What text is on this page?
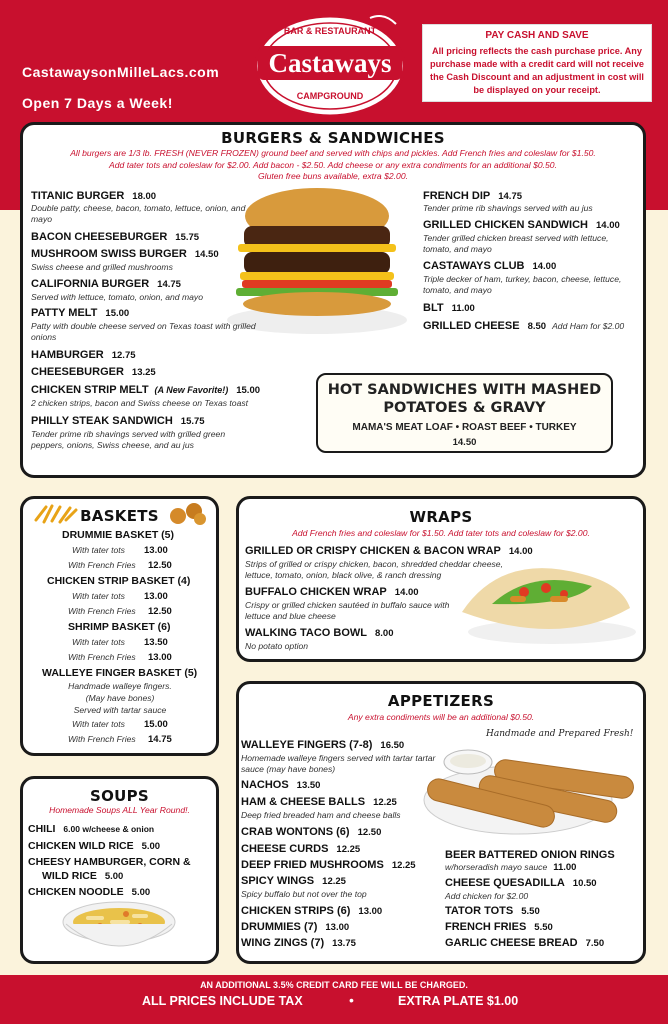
CastawaysonMilleLacs.com
Open 7 Days a Week!
BAR & RESTAURANT
Castaways
CAMPGROUND
PAY CASH AND SAVE
All pricing reflects the cash purchase price. Any purchase made with a credit card will not receive the Cash Discount and an adjustment in cost will be displayed on your receipt.
BURGERS & SANDWICHES
All burgers are 1/3 lb. FRESH (NEVER FROZEN) ground beef and served with chips and pickles. Add French fries and coleslaw for $1.50.
Add tater tots and coleslaw for $2.00. Add bacon - $2.50. Add cheese or any extra condiments for an additional $0.50.
Gluten free buns available, extra $2.00.
TITANIC BURGER 18.00
Double patty, cheese, bacon, tomato, lettuce, onion, and mayo
BACON CHEESEBURGER 15.75
MUSHROOM SWISS BURGER 14.50
Swiss cheese and grilled mushrooms
CALIFORNIA BURGER 14.75
Served with lettuce, tomato, onion, and mayo
PATTY MELT 15.00
Patty with double cheese served on Texas toast with grilled onions
HAMBURGER 12.75
CHEESEBURGER 13.25
CHICKEN STRIP MELT (A New Favorite!) 15.00
2 chicken strips, bacon and Swiss cheese on Texas toast
PHILLY STEAK SANDWICH 15.75
Tender prime rib shavings served with grilled green peppers, onions, Swiss cheese, and au jus
FRENCH DIP 14.75
Tender prime rib shavings served with au jus
GRILLED CHICKEN SANDWICH 14.00
Tender grilled chicken breast served with lettuce, tomato, and mayo
CASTAWAYS CLUB 14.00
Triple decker of ham, turkey, bacon, cheese, lettuce, tomato, and mayo
BLT 11.00
GRILLED CHEESE 8.50 Add Ham for $2.00
HOT SANDWICHES WITH MASHED
POTATOES & GRAVY
MAMA'S MEAT LOAF • ROAST BEEF • TURKEY
14.50
BASKETS
DRUMMIE BASKET (5)
With tater tots 13.00
With French Fries 12.50
CHICKEN STRIP BASKET (4)
With tater tots 13.00
With French Fries 12.50
SHRIMP BASKET (6)
With tater tots 13.50
With French Fries 13.00
WALLEYE FINGER BASKET (5)
Handmade walleye fingers.
(May have bones)
Served with tartar sauce
With tater tots 15.00
With French Fries 14.75
SOUPS
Homemade Soups ALL Year Round!.
CHILI 6.00 w/cheese & onion
CHICKEN WILD RICE 5.00
CHEESY HAMBURGER, CORN &
WILD RICE 5.00
CHICKEN NOODLE 5.00
WRAPS
Add French fries and coleslaw for $1.50. Add tater tots and coleslaw for $2.00.
GRILLED OR CRISPY CHICKEN & BACON WRAP 14.00
Strips of grilled or crispy chicken, bacon, shredded cheddar cheese, lettuce, tomato, onion, black olive, & ranch dressing
BUFFALO CHICKEN WRAP 14.00
Crispy or grilled chicken sautéed in buffalo sauce with lettuce and blue cheese
WALKING TACO BOWL 8.00
No potato option
APPETIZERS
Any extra condiments will be an additional $0.50.
Handmade and Prepared Fresh!
WALLEYE FINGERS (7-8) 16.50
Homemade walleye fingers served with tartar tartar sauce (may have bones)
NACHOS 13.50
HAM & CHEESE BALLS 12.25
Deep fried breaded ham and cheese balls
CRAB WONTONS (6) 12.50
CHEESE CURDS 12.25
DEEP FRIED MUSHROOMS 12.25
SPICY WINGS 12.25
Spicy buffalo but not over the top
CHICKEN STRIPS (6) 13.00
DRUMMIES (7) 13.00
WING ZINGS (7) 13.75
BEER BATTERED ONION RINGS
w/horseradish mayo sauce 11.00
CHEESE QUESADILLA 10.50
Add chicken for $2.00
TATOR TOTS 5.50
FRENCH FRIES 5.50
GARLIC CHEESE BREAD 7.50
AN ADDITIONAL 3.5% CREDIT CARD FEE WILL BE CHARGED.
ALL PRICES INCLUDE TAX	•	EXTRA PLATE $1.00
